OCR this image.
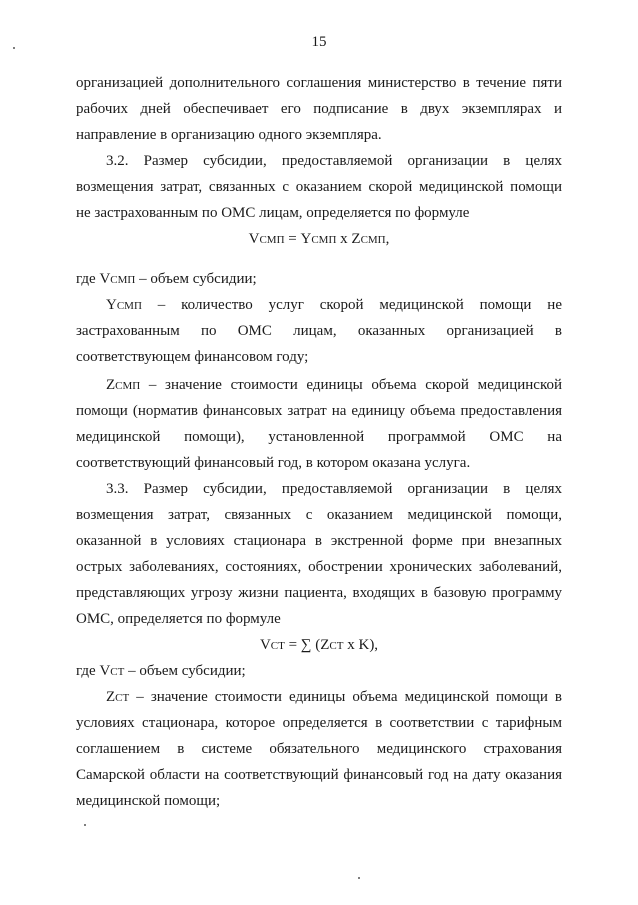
15
организацией дополнительного соглашения министерство в течение пяти
рабочих дней обеспечивает его подписание в двух экземплярах и
направление в организацию одного экземпляра.
3.2. Размер субсидии, предоставляемой организации в целях
возмещения затрат, связанных с оказанием скорой медицинской помощи
не застрахованным по ОМС лицам, определяется по формуле
VСМП = YСМП x ZСМП,
где VСМП – объем субсидии;
YСМП – количество услуг скорой медицинской помощи не
застрахованным по ОМС лицам, оказанных организацией в
соответствующем финансовом году;
ZСМП – значение стоимости единицы объема скорой медицинской
помощи (норматив финансовых затрат на единицу объема предоставления
медицинской помощи), установленной программой ОМС на
соответствующий финансовый год, в котором оказана услуга.
3.3. Размер субсидии, предоставляемой организации в целях
возмещения затрат, связанных с оказанием медицинской помощи,
оказанной в условиях стационара в экстренной форме при внезапных
острых заболеваниях, состояниях, обострении хронических заболеваний,
представляющих угрозу жизни пациента, входящих в базовую программу
ОМС, определяется по формуле
VСТ = ∑ (ZСТ x K),
где VСТ – объем субсидии;
ZСТ – значение стоимости единицы объема медицинской помощи в
условиях стационара, которое определяется в соответствии с тарифным
соглашением в системе обязательного медицинского страхования
Самарской области на соответствующий финансовый год на дату оказания
медицинской помощи;
